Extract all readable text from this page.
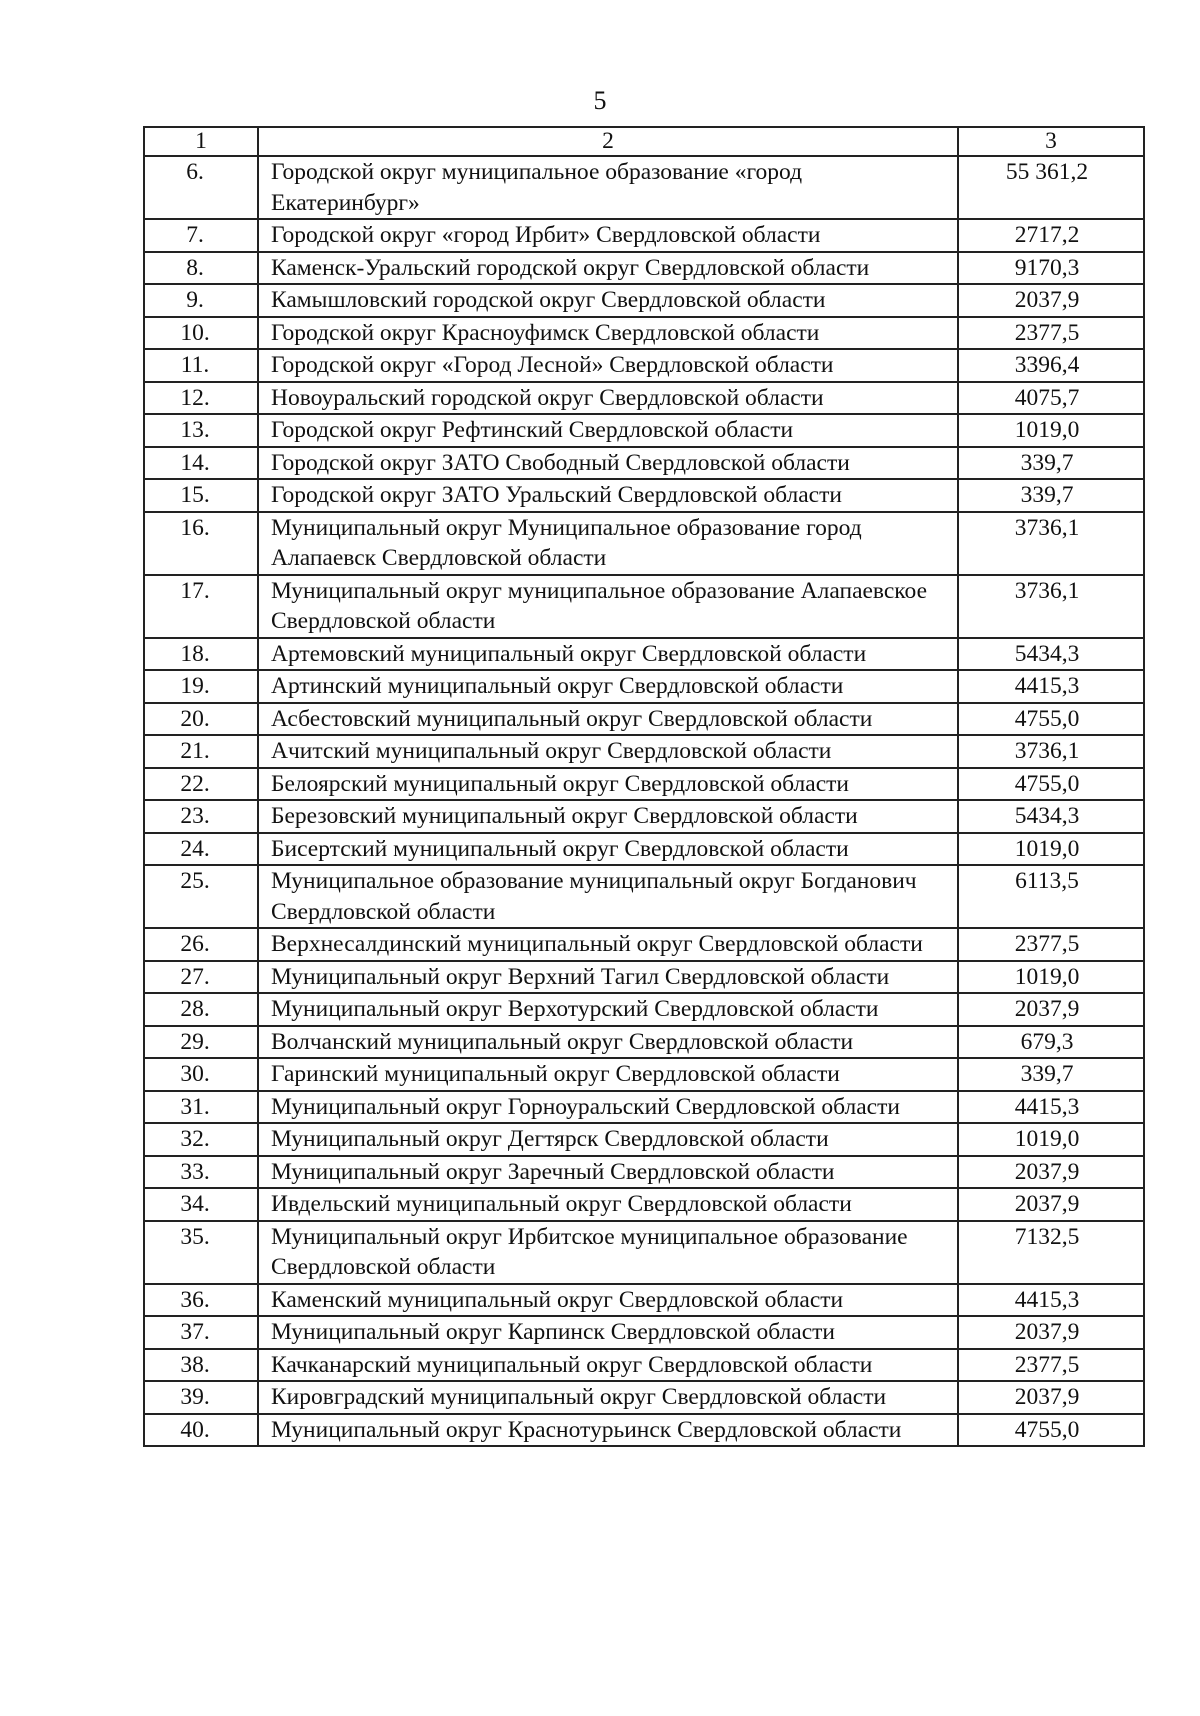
5
1	2	3
6.	Городской округ муниципальное образование «город Екатеринбург»	55 361,2
7.	Городской округ «город Ирбит» Свердловской области	2717,2
8.	Каменск-Уральский городской округ Свердловской области	9170,3
9.	Камышловский городской округ Свердловской области	2037,9
10.	Городской округ Красноуфимск Свердловской области	2377,5
11.	Городской округ «Город Лесной» Свердловской области	3396,4
12.	Новоуральский городской округ Свердловской области	4075,7
13.	Городской округ Рефтинский Свердловской области	1019,0
14.	Городской округ ЗАТО Свободный Свердловской области	339,7
15.	Городской округ ЗАТО Уральский Свердловской области	339,7
16.	Муниципальный округ Муниципальное образование город Алапаевск Свердловской области	3736,1
17.	Муниципальный округ муниципальное образование Алапаевское Свердловской области	3736,1
18.	Артемовский муниципальный округ Свердловской области	5434,3
19.	Артинский муниципальный округ Свердловской области	4415,3
20.	Асбестовский муниципальный округ Свердловской области	4755,0
21.	Ачитский муниципальный округ Свердловской области	3736,1
22.	Белоярский муниципальный округ Свердловской области	4755,0
23.	Березовский муниципальный округ Свердловской области	5434,3
24.	Бисертский муниципальный округ Свердловской области	1019,0
25.	Муниципальное образование муниципальный округ Богданович Свердловской области	6113,5
26.	Верхнесалдинский муниципальный округ Свердловской области	2377,5
27.	Муниципальный округ Верхний Тагил Свердловской области	1019,0
28.	Муниципальный округ Верхотурский Свердловской области	2037,9
29.	Волчанский муниципальный округ Свердловской области	679,3
30.	Гаринский муниципальный округ Свердловской области	339,7
31.	Муниципальный округ Горноуральский Свердловской области	4415,3
32.	Муниципальный округ Дегтярск Свердловской области	1019,0
33.	Муниципальный округ Заречный Свердловской области	2037,9
34.	Ивдельский муниципальный округ Свердловской области	2037,9
35.	Муниципальный округ Ирбитское муниципальное образование Свердловской области	7132,5
36.	Каменский муниципальный округ Свердловской области	4415,3
37.	Муниципальный округ Карпинск Свердловской области	2037,9
38.	Качканарский муниципальный округ Свердловской области	2377,5
39.	Кировградский муниципальный округ Свердловской области	2037,9
40.	Муниципальный округ Краснотурьинск Свердловской области	4755,0
